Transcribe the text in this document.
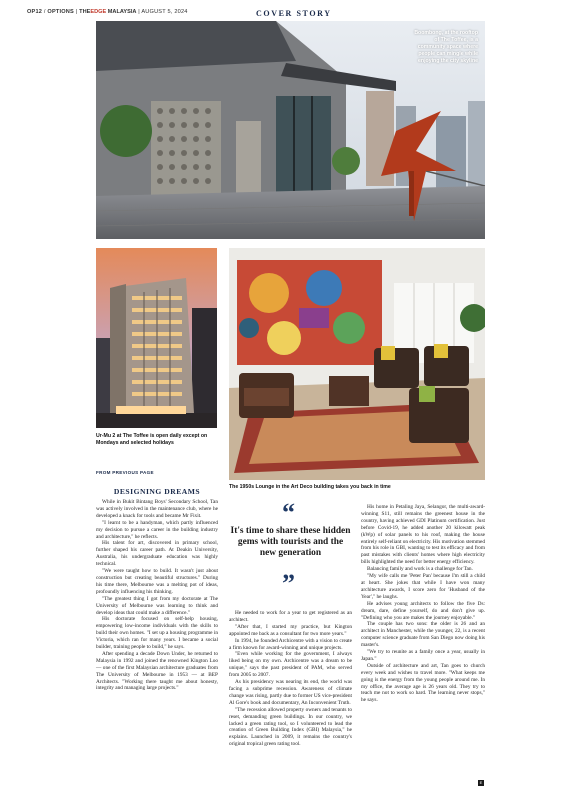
OP12 / OPTIONS | THEEDGE MALAYSIA | AUGUST 5, 2024	COVER STORY
Boombong, at the rooftop of The Toffee, is a community space where people can mingle while enjoying the city skyline
Ur-Mu 2 at The Toffee is open daily except on Mondays and selected holidays
The 1950s Lounge in the Art Deco building takes you back in time
FROM PREVIOUS PAGE
DESIGNING DREAMS

While in Bukit Bintang Boys' Secondary School, Tan was actively involved in the maintenance club, where he developed a knack for tools and became Mr Fixit.

"I learnt to be a handyman, which partly influenced my decision to pursue a career in the building industry and architecture," he reflects.

His talent for art, discovered in primary school, further shaped his career path. At Deakin University, Australia, his undergraduate education was highly technical.

"We were taught how to build. It wasn't just about construction but creating beautiful structures." During his time there, Melbourne was a melting pot of ideas, profoundly influencing his thinking.

"The greatest thing I got from my doctorate at The University of Melbourne was learning to think and develop ideas that could make a difference."

His doctorate focused on self-help housing, empowering low-income individuals with the skills to build their own homes. "I set up a housing programme in Victoria, which ran for many years. I became a social builder, training people to build," he says.

After spending a decade Down Under, he returned to Malaysia in 1992 and joined the renowned Kington Loo — one of the first Malaysian architecture graduates from The University of Melbourne in 1953 — at BEP Architects. "Working there taught me about honesty, integrity and managing large projects."

“
It's time to share these hidden gems with tourists and the new generation
”

He needed to work for a year to get registered as an architect.

"After that, I started my practice, but Kington appointed me back as a consultant for two more years."

In 1994, he founded Archicentre with a vision to create a firm known for award-winning and unique projects.

"Even while working for the government, I always liked being on my own. Archicentre was a dream to be unique," says the past president of PAM, who served from 2005 to 2007.

As his presidency was nearing its end, the world was facing a subprime recession. Awareness of climate change was rising, partly due to former US vice-president Al Gore's book and documentary, An Inconvenient Truth.

"The recession allowed property owners and tenants to reset, demanding green buildings. In our country, we lacked a green rating tool, so I volunteered to lead the creation of Green Building Index (GBI) Malaysia," he explains. Launched in 2009, it remains the country's original tropical green rating tool.

His home in Petaling Jaya, Selangor, the multi-award-winning S11, still remains the greenest house in the country, having achieved GDI Platinum certification. Just before Covid-19, he added another 20 kilowatt peak (kWp) of solar panels to his roof, making the house entirely self-reliant on electricity. His motivation stemmed from his role in GBI, wanting to test its efficacy and from past mistakes with clients' homes where high electricity bills highlighted the need for better energy efficiency.

Balancing family and work is a challenge for Tan.

"My wife calls me 'Peter Pan' because I'm still a child at heart. She jokes that while I have won many architecture awards, I score zero for 'Husband of the Year'," he laughs.

He advises young architects to follow the five Ds: dream, dare, define yourself, do and don't give up. "Defining who you are makes the journey enjoyable."

The couple has two sons: the older is 26 and an architect in Manchester, while the younger, 22, is a recent computer science graduate from San Diego now doing his master's.

"We try to reunite as a family once a year, usually in Japan."

Outside of architecture and art, Tan goes to church every week and wishes to travel more. "What keeps me going is the energy from the young people around me. In my office, the average age is 26 years old. They try to teach me not to work so hard. The learning never stops," he says.

E
